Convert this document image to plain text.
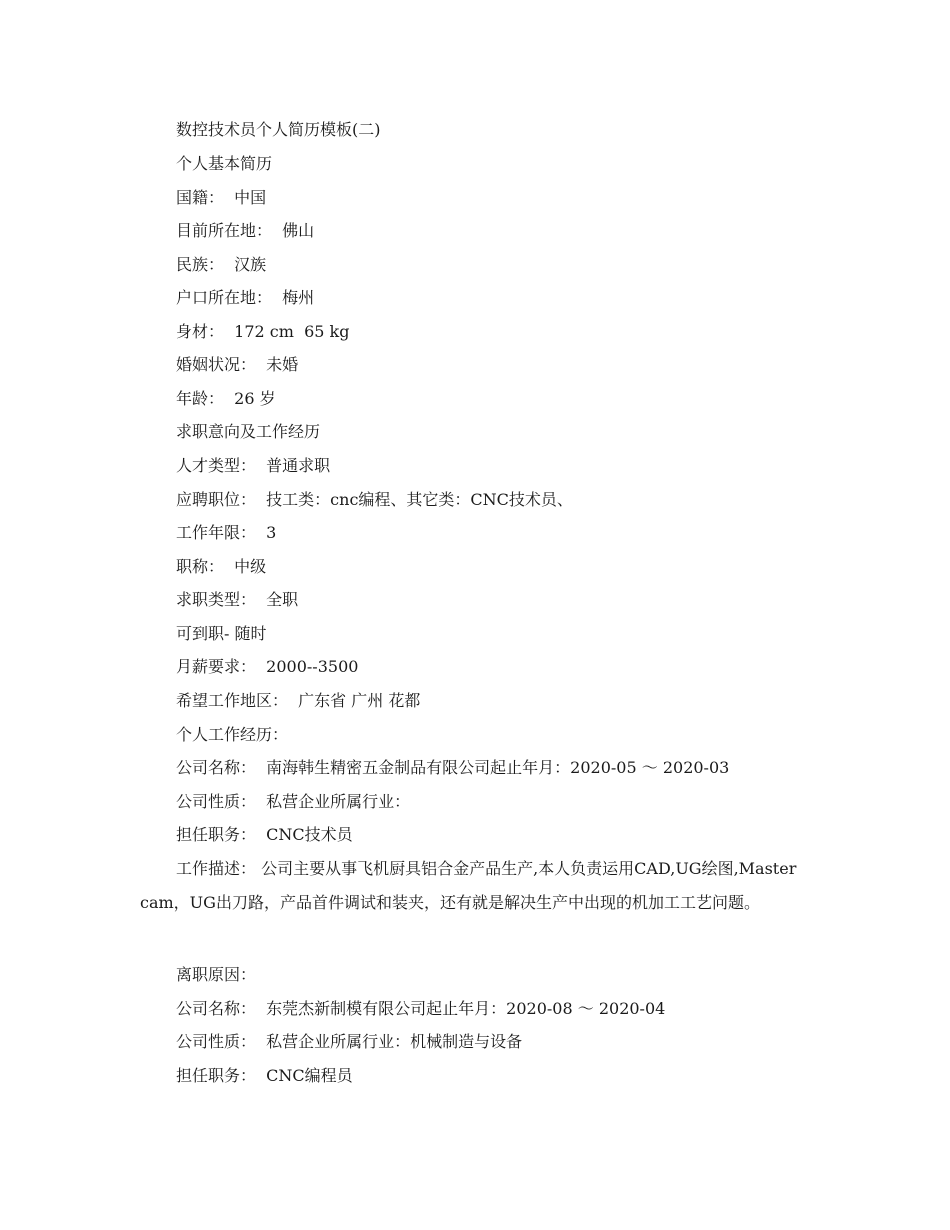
数控技术员个人简历模板(二)
个人基本简历
国籍：  中国
目前所在地：  佛山
民族：  汉族
户口所在地：  梅州
身材：  172 cm  65 kg
婚姻状况：  未婚
年龄：  26 岁
求职意向及工作经历
人才类型：  普通求职
应聘职位：  技工类：cnc编程、其它类：CNC技术员、
工作年限：  3
职称：  中级
求职类型：  全职
可到职- 随时
月薪要求：  2000--3500
希望工作地区：  广东省 广州 花都
个人工作经历：
公司名称：  南海韩生精密五金制品有限公司起止年月：2020-05 ～ 2020-03
公司性质：  私营企业所属行业：
担任职务：  CNC技术员
工作描述： 公司主要从事飞机厨具铝合金产品生产,本人负责运用CAD,UG绘图,Master cam，UG出刀路，产品首件调试和装夹，还有就是解决生产中出现的机加工工艺问题。
离职原因：
公司名称：  东莞杰新制模有限公司起止年月：2020-08 ～ 2020-04
公司性质：  私营企业所属行业：机械制造与设备
担任职务：  CNC编程员
